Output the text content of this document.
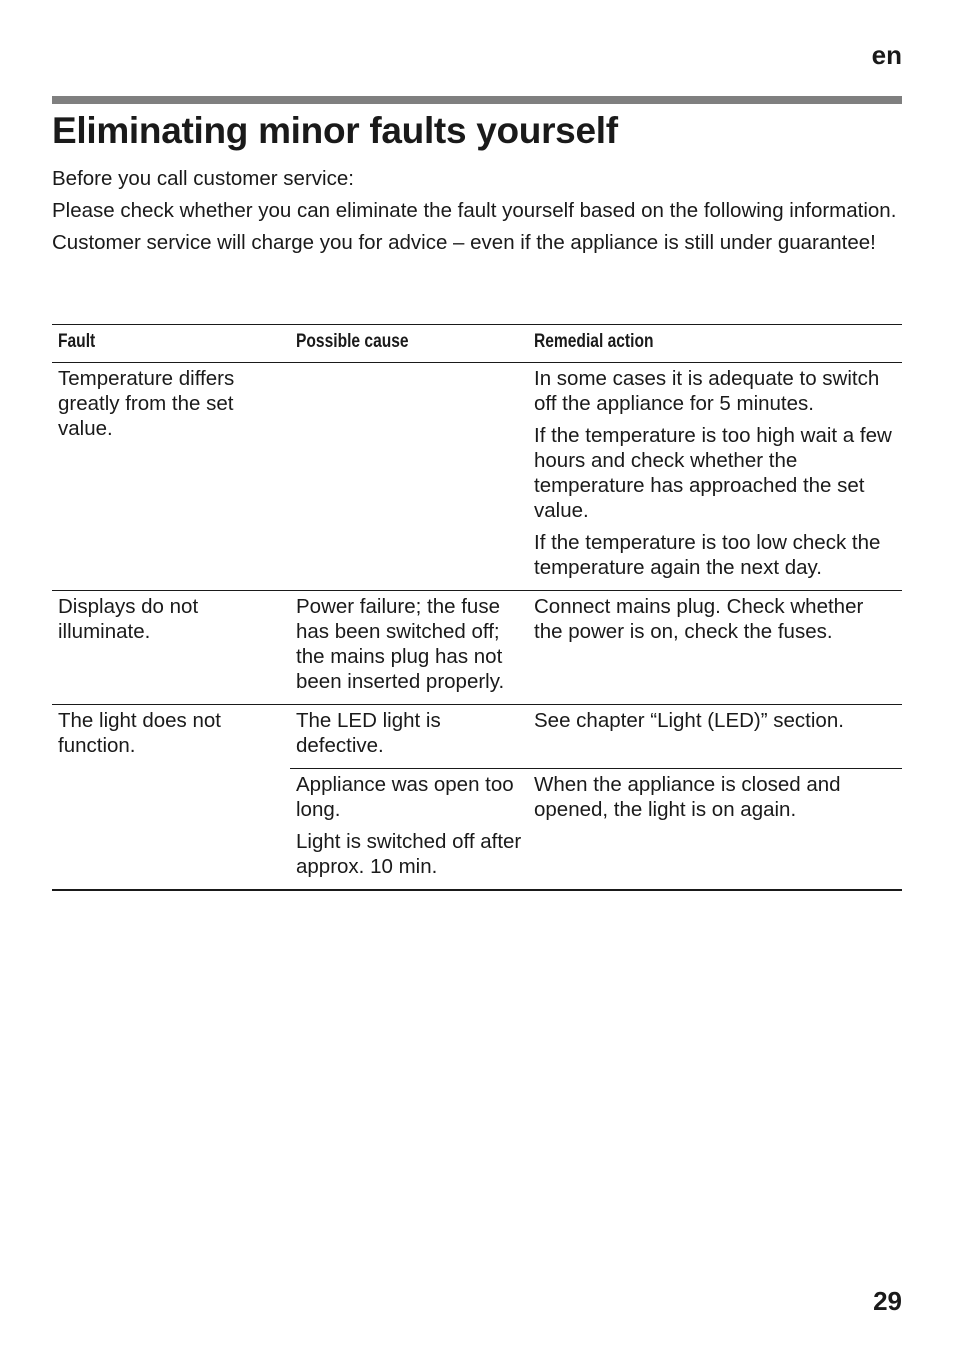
en
Eliminating minor faults yourself

Before you call customer service:

Please check whether you can eliminate the fault yourself based on the following information.

Customer service will charge you for advice – even if the appliance is still under guarantee!

Fault	Possible cause	Remedial action
Temperature differs greatly from the set value.		In some cases it is adequate to switch off the appliance for 5 minutes.

If the temperature is too high wait a few hours and check whether the temperature has approached the set value.

If the temperature is too low check the temperature again the next day.

Displays do not illuminate.	Power failure; the fuse has been switched off; the mains plug has not been inserted properly.	Connect mains plug. Check whether the power is on, check the fuses.
The light does not function.	The LED light is defective.	See chapter “Light (LED)” section.

	Appliance was open too long.

Light is switched off after approx. 10 min.	When the appliance is closed and opened, the light is on again.
29
